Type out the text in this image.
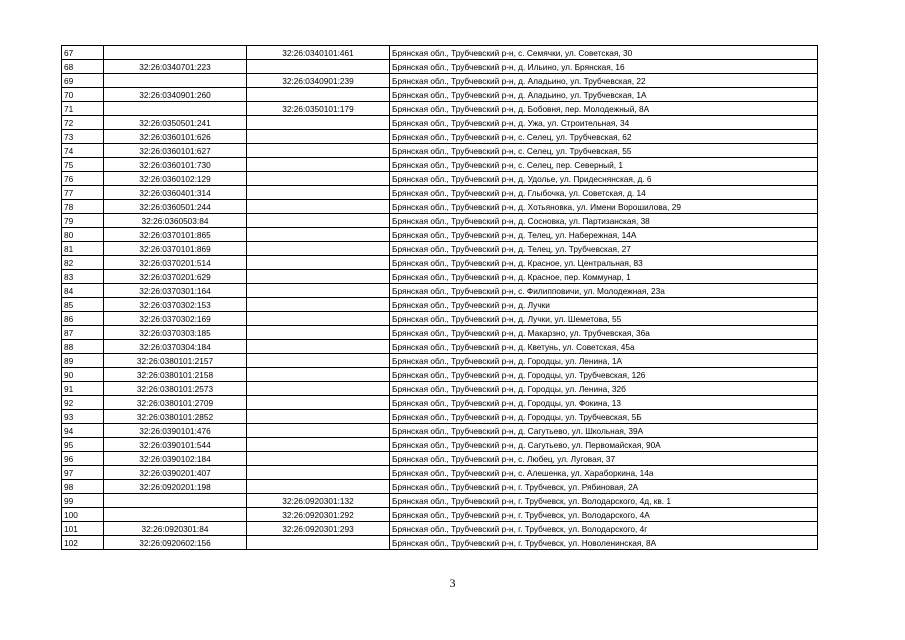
67		32:26:0340101:461	Брянская обл., Трубчевский р-н, с. Семячки, ул. Советская, 30
68	32:26:0340701:223		Брянская обл., Трубчевский р-н, д. Ильино, ул. Брянская, 16
69		32:26:0340901:239	Брянская обл., Трубчевский р-н, д. Аладьино, ул. Трубчевская, 22
70	32:26:0340901:260		Брянская обл., Трубчевский р-н, д. Аладьино, ул. Трубчевская, 1А
71		32:26:0350101:179	Брянская обл., Трубчевский р-н, д. Бобовня, пер. Молодежный, 8А
72	32:26:0350501:241		Брянская обл., Трубчевский р-н, д. Ужа, ул. Строительная, 34
73	32:26:0360101:626		Брянская обл., Трубчевский р-н, с. Селец, ул. Трубчевская, 62
74	32:26:0360101:627		Брянская обл., Трубчевский р-н, с. Селец, ул. Трубчевская, 55
75	32:26:0360101:730		Брянская обл., Трубчевский р-н, с. Селец, пер. Северный, 1
76	32:26:0360102:129		Брянская обл., Трубчевский р-н, д. Удолье, ул. Придеснянская, д. 6
77	32:26:0360401:314		Брянская обл., Трубчевский р-н, д. Глыбочка, ул. Советская, д. 14
78	32:26:0360501:244		Брянская обл., Трубчевский р-н, д. Хотьяновка, ул. Имени Ворошилова, 29
79	32:26:0360503:84		Брянская обл., Трубчевский р-н, д. Сосновка, ул. Партизанская, 38
80	32:26:0370101:865		Брянская обл., Трубчевский р-н, д. Телец, ул. Набережная, 14А
81	32:26:0370101:869		Брянская обл., Трубчевский р-н, д. Телец, ул. Трубчевская, 27
82	32:26:0370201:514		Брянская обл., Трубчевский р-н, д. Красное, ул. Центральная, 83
83	32:26:0370201:629		Брянская обл., Трубчевский р-н, д. Красное, пер. Коммунар, 1
84	32:26:0370301:164		Брянская обл., Трубчевский р-н, с. Филипповичи, ул. Молодежная, 23а
85	32:26:0370302:153		Брянская обл., Трубчевский р-н, д. Лучки
86	32:26:0370302:169		Брянская обл., Трубчевский р-н, д. Лучки, ул. Шеметова, 55
87	32:26:0370303:185		Брянская обл., Трубчевский р-н, д. Макарзно, ул. Трубчевская, 36а
88	32:26:0370304:184		Брянская обл., Трубчевский р-н, д. Кветунь, ул. Советская, 45а
89	32:26:0380101:2157		Брянская обл., Трубчевский р-н, д. Городцы, ул. Ленина, 1А
90	32:26:0380101:2158		Брянская обл., Трубчевский р-н, д. Городцы, ул. Трубчевская, 126
91	32:26:0380101:2573		Брянская обл., Трубчевский р-н, д. Городцы, ул. Ленина, 32б
92	32:26:0380101:2709		Брянская обл., Трубчевский р-н, д. Городцы, ул. Фокина, 13
93	32:26:0380101:2852		Брянская обл., Трубчевский р-н, д. Городцы, ул. Трубчевская, 5Б
94	32:26:0390101:476		Брянская обл., Трубчевский р-н, д. Сагутьево, ул. Школьная, 39А
95	32:26:0390101:544		Брянская обл., Трубчевский р-н, д. Сагутьево, ул. Первомайская, 90А
96	32:26:0390102:184		Брянская обл., Трубчевский р-н, с. Любец, ул. Луговая, 37
97	32:26:0390201:407		Брянская обл., Трубчевский р-н, с. Алешенка, ул. Хараборкина, 14а
98	32:26:0920201:198		Брянская обл., Трубчевский р-н, г. Трубчевск, ул. Рябиновая, 2А
99		32:26:0920301:132	Брянская обл., Трубчевский р-н, г. Трубчевск, ул. Володарского, 4д, кв. 1
100		32:26:0920301:292	Брянская обл., Трубчевский р-н, г. Трубчевск, ул. Володарского, 4А
101	32:26:0920301:84	32:26:0920301:293	Брянская обл., Трубчевский р-н, г. Трубчевск, ул. Володарского, 4г
102	32:26:0920602:156		Брянская обл., Трубчевский р-н, г. Трубчевск, ул. Новоленинская, 8А
3
